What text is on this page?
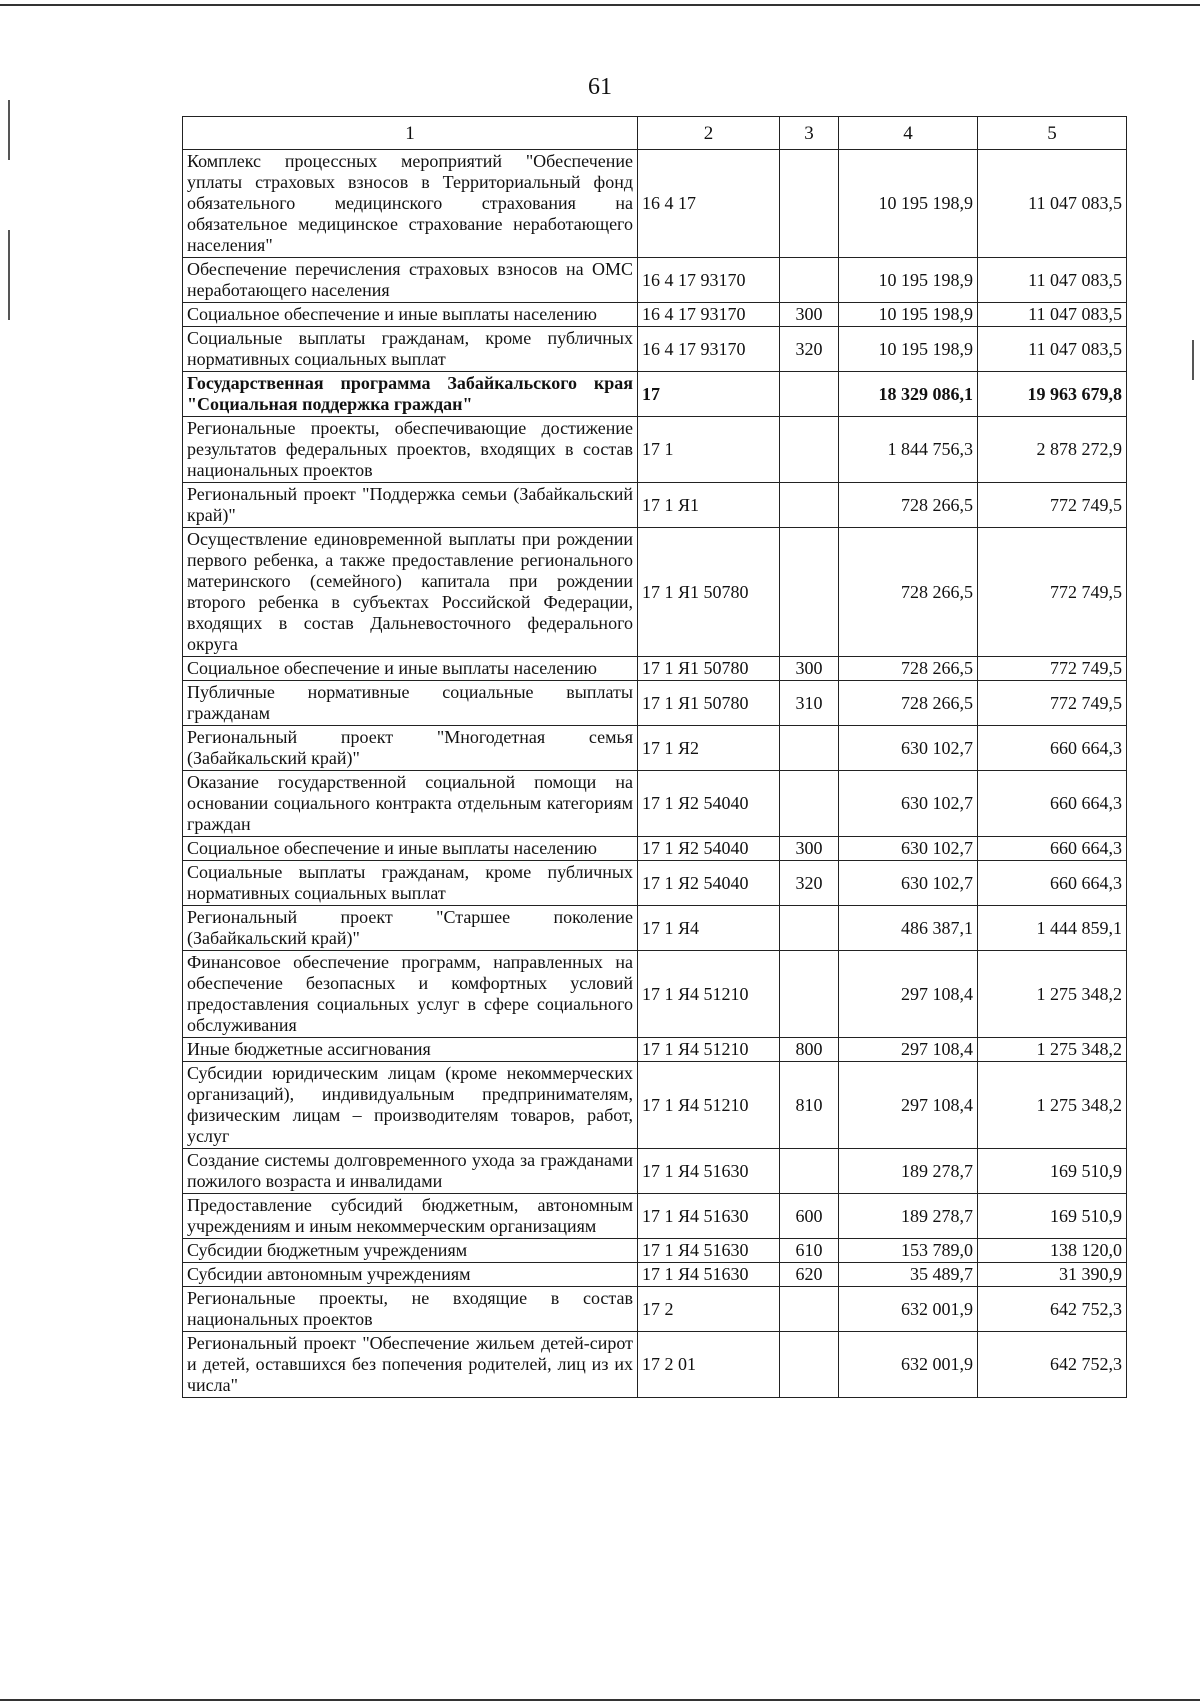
61
1	2	3	4	5
Комплекс процессных мероприятий "Обеспечение уплаты страховых взносов в Территориальный фонд обязательного медицинского страхования на обязательное медицинское страхование неработающего населения"	16 4 17		10 195 198,9	11 047 083,5
Обеспечение перечисления страховых взносов на ОМС неработающего населения	16 4 17 93170		10 195 198,9	11 047 083,5
Социальное обеспечение и иные выплаты населению	16 4 17 93170	300	10 195 198,9	11 047 083,5
Социальные выплаты гражданам, кроме публичных нормативных социальных выплат	16 4 17 93170	320	10 195 198,9	11 047 083,5
Государственная программа Забайкальского края "Социальная поддержка граждан"	17		18 329 086,1	19 963 679,8
Региональные проекты, обеспечивающие достижение результатов федеральных проектов, входящих в состав национальных проектов	17 1		1 844 756,3	2 878 272,9
Региональный проект "Поддержка семьи (Забайкальский край)"	17 1 Я1		728 266,5	772 749,5
Осуществление единовременной выплаты при рождении первого ребенка, а также предоставление регионального материнского (семейного) капитала при рождении второго ребенка в субъектах Российской Федерации, входящих в состав Дальневосточного федерального округа	17 1 Я1 50780		728 266,5	772 749,5
Социальное обеспечение и иные выплаты населению	17 1 Я1 50780	300	728 266,5	772 749,5
Публичные нормативные социальные выплаты гражданам	17 1 Я1 50780	310	728 266,5	772 749,5
Региональный проект "Многодетная семья (Забайкальский край)"	17 1 Я2		630 102,7	660 664,3
Оказание государственной социальной помощи на основании социального контракта отдельным категориям граждан	17 1 Я2 54040		630 102,7	660 664,3
Социальное обеспечение и иные выплаты населению	17 1 Я2 54040	300	630 102,7	660 664,3
Социальные выплаты гражданам, кроме публичных нормативных социальных выплат	17 1 Я2 54040	320	630 102,7	660 664,3
Региональный проект "Старшее поколение (Забайкальский край)"	17 1 Я4		486 387,1	1 444 859,1
Финансовое обеспечение программ, направленных на обеспечение безопасных и комфортных условий предоставления социальных услуг в сфере социального обслуживания	17 1 Я4 51210		297 108,4	1 275 348,2
Иные бюджетные ассигнования	17 1 Я4 51210	800	297 108,4	1 275 348,2
Субсидии юридическим лицам (кроме некоммерческих организаций), индивидуальным предпринимателям, физическим лицам – производителям товаров, работ, услуг	17 1 Я4 51210	810	297 108,4	1 275 348,2
Создание системы долговременного ухода за гражданами пожилого возраста и инвалидами	17 1 Я4 51630		189 278,7	169 510,9
Предоставление субсидий бюджетным, автономным учреждениям и иным некоммерческим организациям	17 1 Я4 51630	600	189 278,7	169 510,9
Субсидии бюджетным учреждениям	17 1 Я4 51630	610	153 789,0	138 120,0
Субсидии автономным учреждениям	17 1 Я4 51630	620	35 489,7	31 390,9
Региональные проекты, не входящие в состав национальных проектов	17 2		632 001,9	642 752,3
Региональный проект "Обеспечение жильем детей-сирот и детей, оставшихся без попечения родителей, лиц из их числа"	17 2 01		632 001,9	642 752,3
